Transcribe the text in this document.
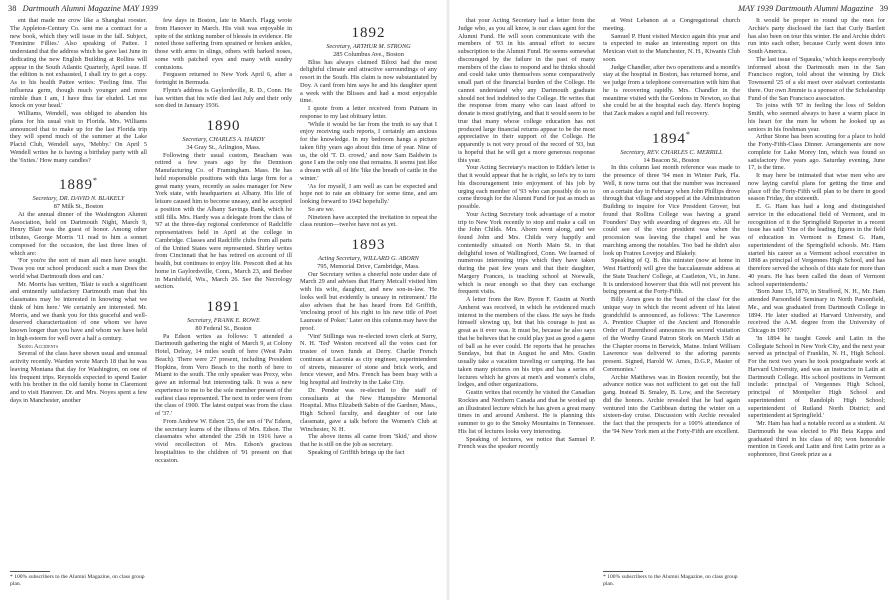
38 Dartmouth Alumni Magazine MAY 1939

ent that made me crow like a Shanghai rooster. The Appleton-Century Co. sent me a contract for a new book, which they will issue in the fall. Subject, 'Feminine Fillies.' Also speaking of Pattee. I understand that the address which he gave last June in dedicating the new English Building at Rollins will appear in the South Atlantic Quarterly, April issue. If the edition is not exhausted, I shall try to get a copy. As to his health Pattee writes: 'Feeling fine. The influenza germ, though much younger and more nimble than I am, I have thus far eluded. Let me knock on your head.'

Williams, Wendell, was obliged to abandon his plans for his usual visit to Florida. Mrs. Williams announced that to make up for the last Florida trip they will spend much of the summer at the Lake Placid Club, Wendell says, 'Mebby.' On April 5 Wendell writes he is having a birthday party with all the '6xties.' How many candles?

1889*

Secretary, DR. DAVID N. BLAKELY

87 Milk St., Boston

At the annual dinner of the Washington Alumni Association, held on Dartmouth Night, March 9, Henry Blair was the guest of honor. Among other tributes, George Morris '11 read to him a sonnet composed for the occasion, the last three lines of which are:

'For you're the sort of man all men have sought. Twas you our school produced: such a man Does the world what Dartmouth does and can.'

Mr. Morris has written, 'Blair is such a significant and eminently satisfactory Dartmouth man that his classmates may be interested in knowing what we think of him here.' We certainly are interested. Mr. Morris, and we thank you for this graceful and well-deserved characterization of one whom we have known longer than you have and whom we have held in high esteem for well over a half a century.

Skiing Accidents

Several of the class have shown usual and unusual activity recently. Warden wrote March 18 that he was leaving Montana that day for Washington, on one of his frequent trips. Reynolds expected to spend Easter with his brother in the old family home in Claremont and to visit Hanover. Dr. and Mrs. Noyes spent a few days in Manchester, another

* 100% subscribers to the Alumni Magazine, on class group plan.

few days in Boston, late in March. Flagg wrote from Hanover in March. His visit was enjoyable in spite of the striking number of blessés in evidence. He noted those suffering from sprained or broken ankles, those with arms in slings, others with barked noses, some with patched eyes and many with sundry contusions.

Ferguson returned to New York April 6, after a fortnight in Bermuda.

Flynn's address is Gaylordsville, R. D., Conn. He has written that his wife died last July and their only son died in January 1936.

1890

Secretary, CHARLES A. HARDY

34 Gray St., Arlington, Mass.

Following their usual custom, Beacham was retired a few years ago by the Dennison Manufacturing Co. of Framingham. Mass. He has held responsible positions with this large firm for a great many years, recently as sales manager for New York state, with headquarters at Albany. His life of leisure caused him to become uneasy, and he accepted a position with the Albany Savings Bank, which he still fills. Mrs. Hardy was a delegate from the class of '97 at the three-day regional conference of Radcliffe representatives held in April at the college in Cambridge. Classes and Radcliffe clubs from all parts of the United States were represented. Shirley writes from Cincinnati that he has retired on account of ill health, but continues to enjoy life. Prescott died at his home in Gaylordsville, Conn., March 23, and Beebee in Marshfield, Wis., March 26. See the Necrology section.

1891

Secretary, FRANK E. ROWE

80 Federal St., Boston

Pa Edson writes as follows: 'I attended a Dartmouth gathering the night of March 9, at Colony Hotel, Delray, 14 miles south of here (West Palm Beach). There were 27 present, including President Hopkins, from Vero Beach to the north of here to Miami to the south. The only speaker was Prexy, who gave an informal but interesting talk. It was a new experience to me to be the sole member present of the earliest class represented. The next in order were from the class of 1900. The latest output was from the class of '37.'

From Andrew W. Edson '25, the son of 'Pa' Edson, the secretary learns of the illness of Mrs. Edson. The classmates who attended the 25th in 1916 have a vivid recollection of Mrs. Edson's gracious hospitalities to the children of '91 present on that occasion.

1892

Secretary, ARTHUR M. STRONG

285 Columbus Ave., Boston

Bliss has always claimed Biloxi had the most delightful climate and attractive surroundings of any resort in the South. His claim is now substantiated by Doy. A card from him says he and his daughter spent a week with the Blisses and had a most enjoyable time.

I quote from a letter received from Putnam in response to my last obituary letter.

'While it would be far from the truth to say that I enjoy receiving such reports, I certainly am anxious for the knowledge. In my bedroom hangs a picture taken fifty years ago about this time of year. Nine of us, the old 'T. D. crowd,' and now Sam Baldwin is gone I am the only one that remains. It seems just like a dream with all of life 'like the breath of cattle in the winter.'

'As for myself, I am well as can be expected and hope not to rate an obituary for some time, and am looking forward to 1942 hopefully.'

So are we.

Nineteen have accepted the invitation to repeat the class reunion—twelve have not as yet.

1893

Acting Secretary, WILLARD G. ABORN

795, Memorial Drive, Cambridge, Mass.

Our Secretary writes a cheerful note under date of March 29 and advises that Harry Metcalf visited him with his wife, daughter, and new son-in-law. 'He looks well but evidently is uneasy in retirement.' He also advises that he has heard from Ed Griffith, 'enclosing proof of his right to his new title of Poet Laureate of Poker.' Later on this column may have the proof.

'Vint' Stillings was re-elected town clerk at Surry, N. H. 'Ted' Weston received all the votes cast for trustee of town funds at Derry. Charlie French continues at Laconia as city engineer, superintendent of streets, measurer of stone and brick work, and fence viewer, and Mrs. French has been busy with a big hospital aid festivity in the Lake City.

Dr. Pender was re-elected to the staff of consultants at the New Hampshire Memorial Hospital. Miss Elizabeth Sabin of the Gardner, Mass., High School faculty, and daughter of our late classmate, gave a talk before the Women's Club at Winchester, N. H.

The above items all came from 'Skid,' and show that he is still on the job as secretary.

Speaking of Griffith brings up the fact

MAY 1939 Dartmouth Alumni Magazine 39

that your Acting Secretary had a letter from the Judge who, as you all know, is our class agent for the Alumni Fund. He will soon communicate with the members of '93 in his annual effort to secure subscription to the Alumni Fund. He seems somewhat discouraged by the failure in the past of many members of the class to respond and he thinks should and could take unto themselves some comparatively small part of the financial burden of the College. He cannot understand why any Dartmouth graduate should not feel indebted to the College. He writes that the response from many who can least afford to donate is most gratifying, and that it would seem to be true that many whose college education has not produced large financial returns appear to be the most appreciative in their support of the College. He apparently is not very proud of the record of '93, but is hopeful that he will get a more generous response this year.

Your Acting Secretary's reaction to Eddie's letter is that it would appear that he is right, so let's try to turn his discouragement into enjoyment of his job by urging each member of '93 who can possibly do so to come through for the Alumni Fund for just as much as possible.

Your Acting Secretary took advantage of a motor trip to New York recently to stop and make a call on the John Childs. Mrs. Aborn went along, and we found John and Mrs. Childs very happily and contentedly situated on North Main St. in that delightful town of Wallingford, Conn. We learned of numerous interesting trips which they have taken during the past few years and that their daughter, Margery Frances, is teaching school at Norwalk, which is near enough so that they can exchange frequent visits.

A letter from the Rev. Byron F. Gustin at North Amherst was received, in which he evidenced much interest in the members of the class. He says he finds himself slowing up, but that his courage is just as great as it ever was. It must be, because he also says that he believes that he could play just as good a game of ball as he ever could. He reports that he preaches Sundays, but that in August he and Mrs. Gustin usually take a vacation traveling or camping. He has taken many pictures on his trips and has a series of lectures which he gives at men's and women's clubs, lodges, and other organizations.

Gustin writes that recently he visited the Canadian Rockies and Northern Canada and that he worked up an illustrated lecture which he has given a great many times in and around Amherst. He is planning this summer to go to the Smoky Mountains in Tennessee. His list of lectures looks very interesting.

Speaking of lectures, we notice that Samuel P. French was the speaker recently

at West Lebanon at a Congregational church meeting.

Samuel P. Hunt visited Mexico again this year and is expected to make an interesting report on this Mexican visit to the Manchester, N. H., Kiwanis Club soon.

Judge Chandler, after two operations and a month's stay at the hospital in Boston, has returned home, and we judge from a telephone conversation with him that he is recovering rapidly. Mrs. Chandler in the meantime visited with the Gordons in Newton, so that she could be at the hospital each day. Here's hoping that Zack makes a rapid and full recovery.

1894*

Secretary, REV. CHARLES C. MERRILL

14 Beacon St., Boston

In this column last month reference was made to the presence of three '94 men in Winter Park, Fla. Well, it now turns out that the number was increased on a certain day in February when John Phillips drove through that village and stopped at the Administration Building to inquire for Vice President Grover, but found that Rollins College was having a grand Founders' Day with awarding of degrees etc. All he could see of the vice president was when the procession was leaving the chapel and he was marching among the notables. Too bad he didn't also look up Fratres Lovejoy and Blakely.

Speaking of Q. B. this minister (now at home in West Hartford) will give the baccalaureate address at the State Teachers' College, at Castleton, Vt., in June. It is understood however that this will not prevent his being present at the Forty-Fifth.

Billy Ames goes to the 'head of the class' for the unique way in which the recent advent of his latest grandchild is announced, as follows: 'The Lawrence A. Prentice Chapter of the Ancient and Honorable Order of Parenthood announces its second visitation of the Worthy Grand Patron Stork on March 15th at the Chapter rooms in Berwick, Maine. Infant William Lawrence was delivered to the adoring parents present. Signed, Harold W. Ames, D.G.P., Master of Ceremonies.'

Archie Matthews was in Boston recently, but the advance notice was not sufficient to get out the full gang. Instead B. Smaley, B. Low, and the Secretary did the honors. Archie revealed that he had again ventured into the Caribbean during the winter on a sixteen-day cruise. Discussion with Archie revealed the fact that the prospects for a 100% attendance of the '94 New York men at the Forty-Fifth are excellent.

* 100% subscribers to the Alumni Magazine, on class group plan.

It would be proper to round up the men for Archie's party disclosed the fact that Curly Bartlett has also been on tour this winter. He and Archie didn't run into each other, because Curly went down into South America.

The last issue of 'Squeaks,' which keeps everybody informed about the Dartmouth men in the San Francisco region, told about the winning by Dick Townsend '25 of a ski meet over stalwart contestants there. Our own Jimmie is a sponsor of the Scholarship Fund of the San Francisco association.

To joins with '97 in feeling the loss of Seldon Smith, who seemed always to have a warm place in his heart for the men he whom he looked up as seniors in his freshman year.

Arthur Stone has been scouting for a place to hold the Forty-Fifth-Class Dinner. Arrangements are now complete for Lake Morey Inn, which was found so satisfactory five years ago. Saturday evening, June 17, is the time.

It may here be intimated that wise men who are now laying careful plans for getting the time and place off the Forty-Fifth will plan to be there in good season Friday, the sixteenth.

E. G. Ham has had a long and distinguished service in the educational field of Vermont, and in recognition of it the Springfield Reporter in a recent issue has said: 'One of the leading figures in the field of education in Vermont is Ernest G. Ham, superintendent of the Springfield schools. Mr. Ham started his career as a Vermont school executive in 1898 as principal of Vergennes High School, and has therefore served the schools of this state for more than 40 years. He has been called the dean of Vermont school superintendents.'

'Born June 15, 1870, in Strafford, N. H., Mr. Ham attended Parsonfield Seminary in North Parsonfield, Me., and was graduated from Dartmouth College in 1894. He later studied at Harvard University, and received the A.M. degree from the University of Chicago in 1907.'

'In 1894 he taught Greek and Latin in the Collegiate School in New York City, and the next year served as principal of Franklin, N. H., High School. For the next two years he took postgraduate work at Harvard University, and was an instructor in Latin at Dartmouth College. His school positions in Vermont include: principal of Vergennes High School, principal of Montpelier High School and superintendent of Randolph High School; superintendent of Rutland North District; and superintendent at Springfield.'

'Mr. Ham has had a notable record as a student. At Dartmouth he was elected to Phi Beta Kappa and graduated third in his class of 80; won honorable mention in Greek and Latin and first Latin prize as a sophomore, first Greek prize as a
